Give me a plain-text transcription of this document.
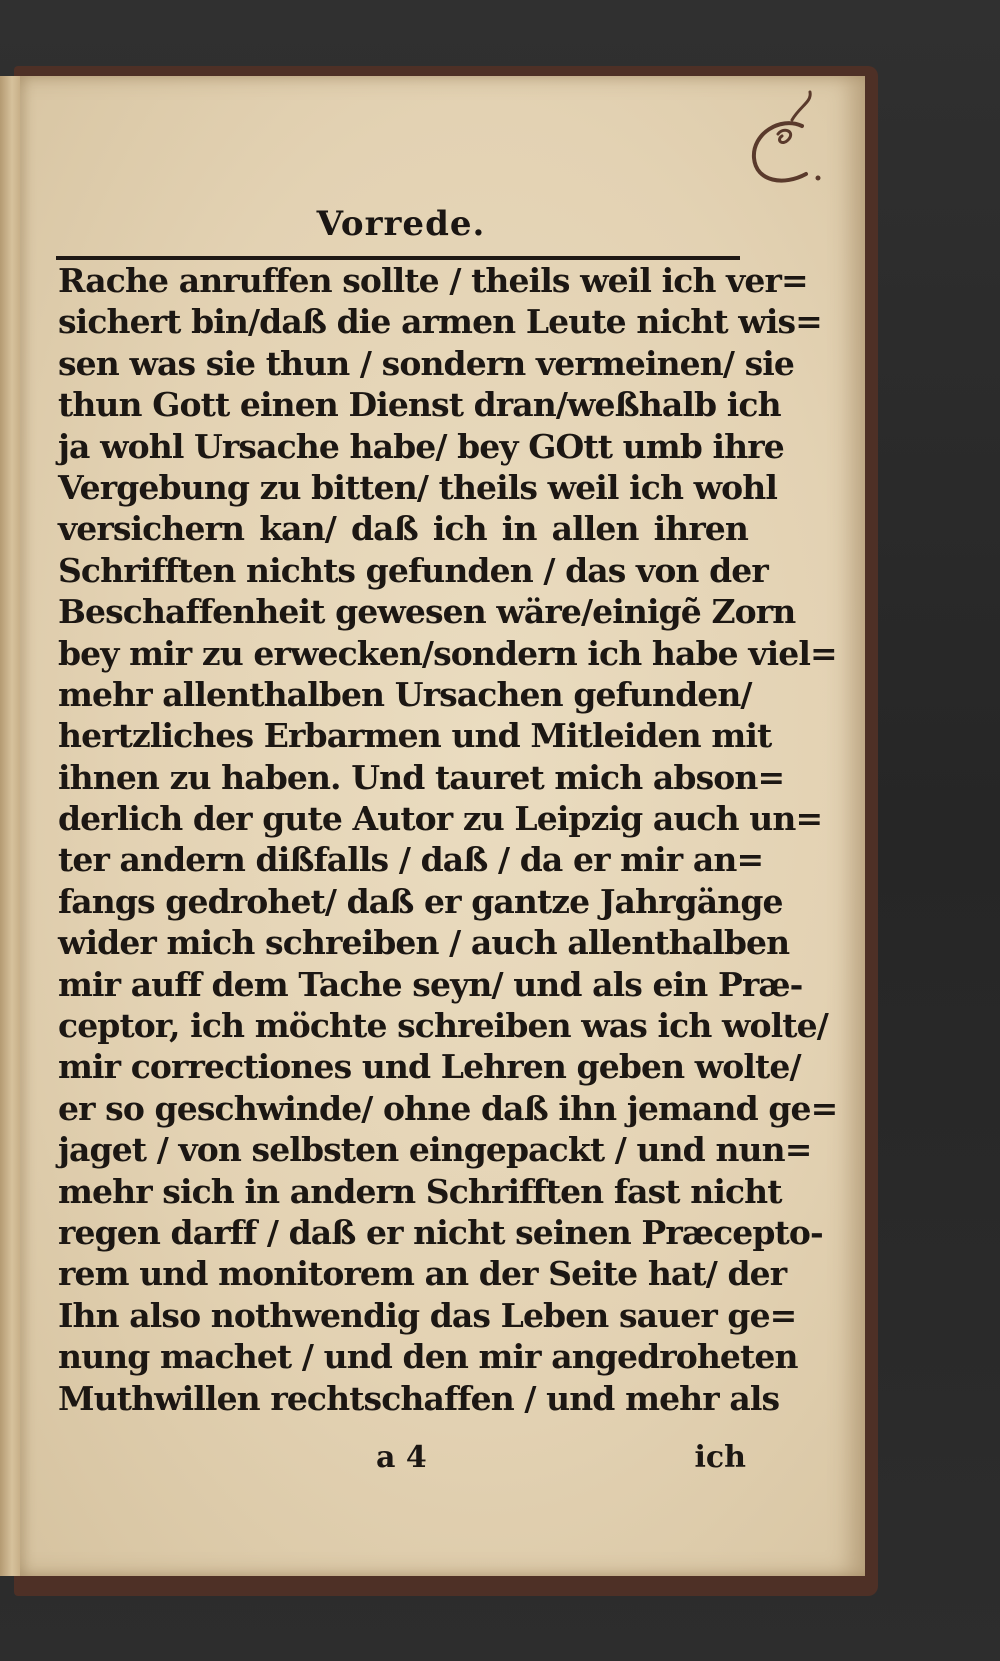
Vorrede.
Rache anruffen sollte / theils weil ich ver=
sichert bin/daß die armen Leute nicht wis=
sen was sie thun / sondern vermeinen/ sie
thun Gott einen Dienst dran/weßhalb ich
ja wohl Ursache habe/ bey GOtt umb ihre
Vergebung zu bitten/ theils weil ich wohl
versichern kan/ daß ich in allen ihren
Schrifften nichts gefunden / das von der
Beschaffenheit gewesen wäre/einigẽ Zorn
bey mir zu erwecken/sondern ich habe viel=
mehr allenthalben Ursachen gefunden/
hertzliches Erbarmen und Mitleiden mit
ihnen zu haben. Und tauret mich abson=
derlich der gute Autor zu Leipzig auch un=
ter andern dißfalls / daß / da er mir an=
fangs gedrohet/ daß er gantze Jahrgänge
wider mich schreiben / auch allenthalben
mir auff dem Tache seyn/ und als ein Præ-
ceptor, ich möchte schreiben was ich wolte/
mir correctiones und Lehren geben wolte/
er so geschwinde/ ohne daß ihn jemand ge=
jaget / von selbsten eingepackt / und nun=
mehr sich in andern Schrifften fast nicht
regen darff / daß er nicht seinen Præcepto-
rem und monitorem an der Seite hat/ der
Ihn also nothwendig das Leben sauer ge=
nung machet / und den mir angedroheten
Muthwillen rechtschaffen / und mehr als
a 4	ich
